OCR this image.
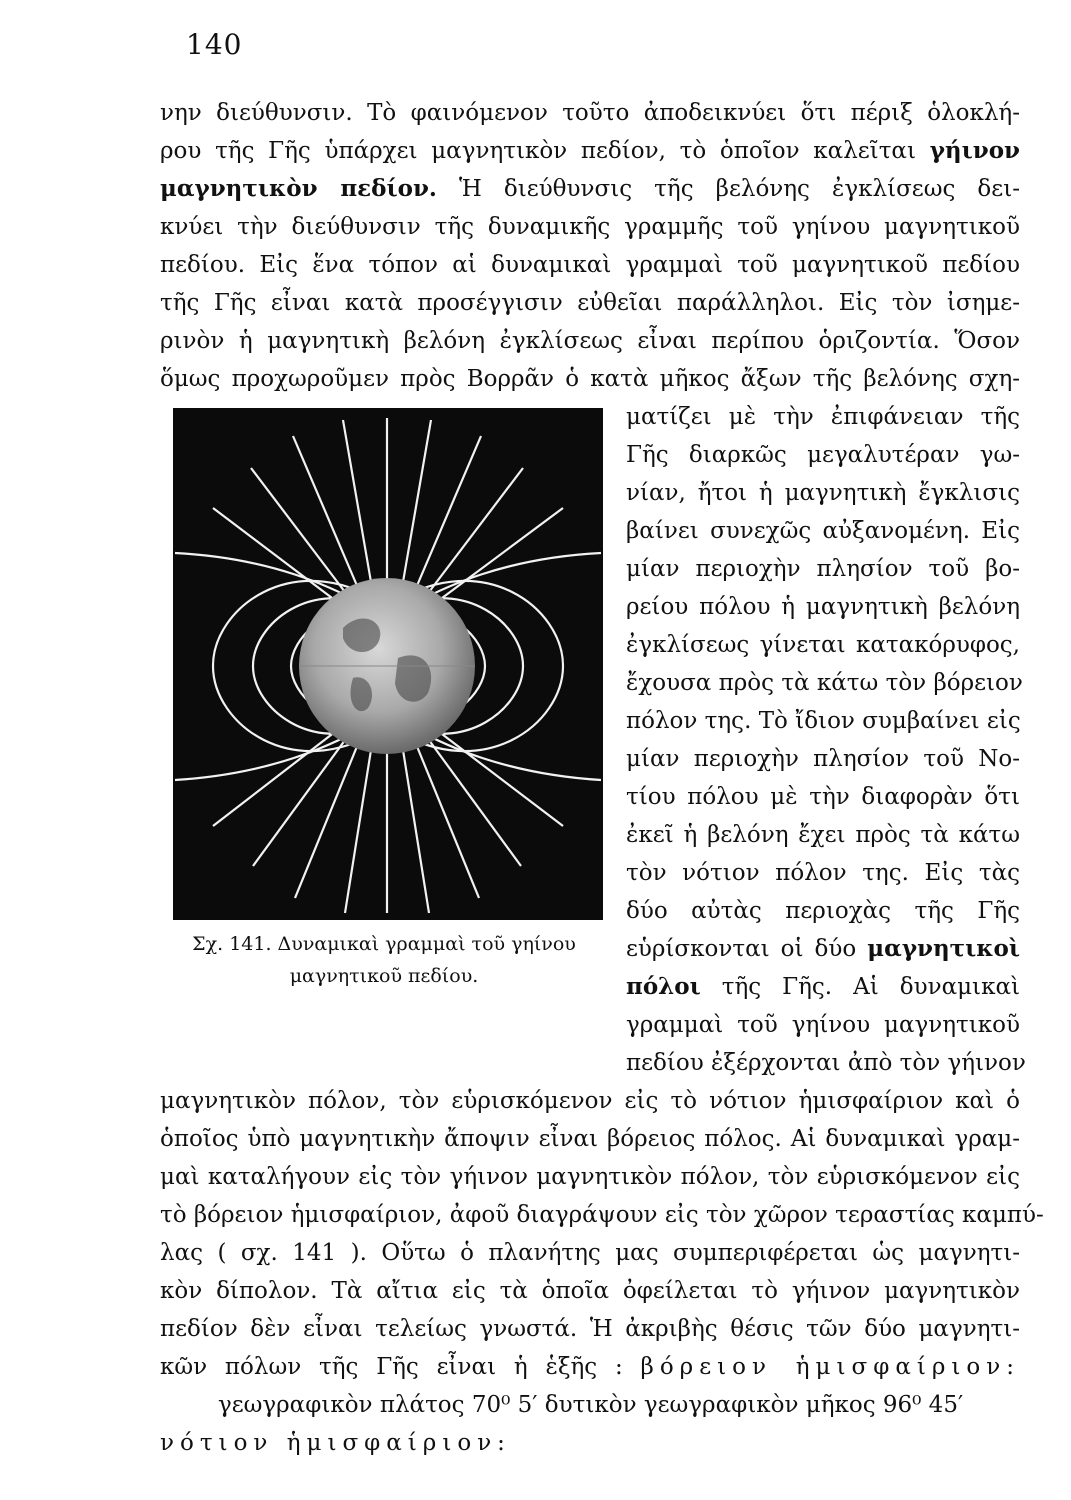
140
νην διεύθυνσιν. Τὸ φαινόμενον τοῦτο ἀποδεικνύει ὅτι πέριξ ὁλοκλή-
ρου τῆς Γῆς ὑπάρχει μαγνητικὸν πεδίον, τὸ ὁποῖον καλεῖται γήινον
μαγνητικὸν πεδίον. Ἡ διεύθυνσις τῆς βελόνης ἐγκλίσεως δει-
κνύει τὴν διεύθυνσιν τῆς δυναμικῆς γραμμῆς τοῦ γηίνου μαγνητικοῦ
πεδίου. Εἰς ἕνα τόπον αἱ δυναμικαὶ γραμμαὶ τοῦ μαγνητικοῦ πεδίου
τῆς Γῆς εἶναι κατὰ προσέγγισιν εὐθεῖαι παράλληλοι. Εἰς τὸν ἰσημε-
ρινὸν ἡ μαγνητικὴ βελόνη ἐγκλίσεως εἶναι περίπου ὁριζοντία. Ὅσον
ὅμως προχωροῦμεν πρὸς Βορρᾶν ὁ κατὰ μῆκος ἄξων τῆς βελόνης σχη-
Σχ. 141. Δυναμικαὶ γραμμαὶ τοῦ γηίνου
μαγνητικοῦ πεδίου.
ματίζει μὲ τὴν ἐπιφάνειαν τῆς
Γῆς διαρκῶς μεγαλυτέραν γω-
νίαν, ἤτοι ἡ μαγνητικὴ ἔγκλισις
βαίνει συνεχῶς αὐξανομένη. Εἰς
μίαν περιοχὴν πλησίον τοῦ βο-
ρείου πόλου ἡ μαγνητικὴ βελόνη
ἐγκλίσεως γίνεται κατακόρυφος,
ἔχουσα πρὸς τὰ κάτω τὸν βόρειον
πόλον της. Τὸ ἴδιον συμβαίνει εἰς
μίαν περιοχὴν πλησίον τοῦ Νο-
τίου πόλου μὲ τὴν διαφορὰν ὅτι
ἐκεῖ ἡ βελόνη ἔχει πρὸς τὰ κάτω
τὸν νότιον πόλον της. Εἰς τὰς
δύο αὐτὰς περιοχὰς τῆς Γῆς
εὑρίσκονται οἱ δύο μαγνητικοὶ
πόλοι τῆς Γῆς. Αἱ δυναμικαὶ
γραμμαὶ τοῦ γηίνου μαγνητικοῦ
πεδίου ἐξέρχονται ἀπὸ τὸν γήινον
μαγνητικὸν πόλον, τὸν εὑρισκόμενον εἰς τὸ νότιον ἡμισφαίριον καὶ ὁ
ὁποῖος ὑπὸ μαγνητικὴν ἄποψιν εἶναι βόρειος πόλος. Αἱ δυναμικαὶ γραμ-
μαὶ καταλήγουν εἰς τὸν γήινον μαγνητικὸν πόλον, τὸν εὑρισκόμενον εἰς
τὸ βόρειον ἡμισφαίριον, ἀφοῦ διαγράψουν εἰς τὸν χῶρον τεραστίας καμπύ-
λας ( σχ. 141 ). Οὕτω ὁ πλανήτης μας συμπεριφέρεται ὡς μαγνητι-
κὸν δίπολον. Τὰ αἴτια εἰς τὰ ὁποῖα ὀφείλεται τὸ γήινον μαγνητικὸν
πεδίον δὲν εἶναι τελείως γνωστά. Ἡ ἀκριβὴς θέσις τῶν δύο μαγνητι-
κῶν πόλων τῆς Γῆς εἶναι ἡ ἑξῆς : βόρειον ἡμισφαίριον:
γεωγραφικὸν πλάτος 70⁰ 5′ δυτικὸν γεωγραφικὸν μῆκος 96⁰ 45′
νότιον ἡμισφαίριον:
